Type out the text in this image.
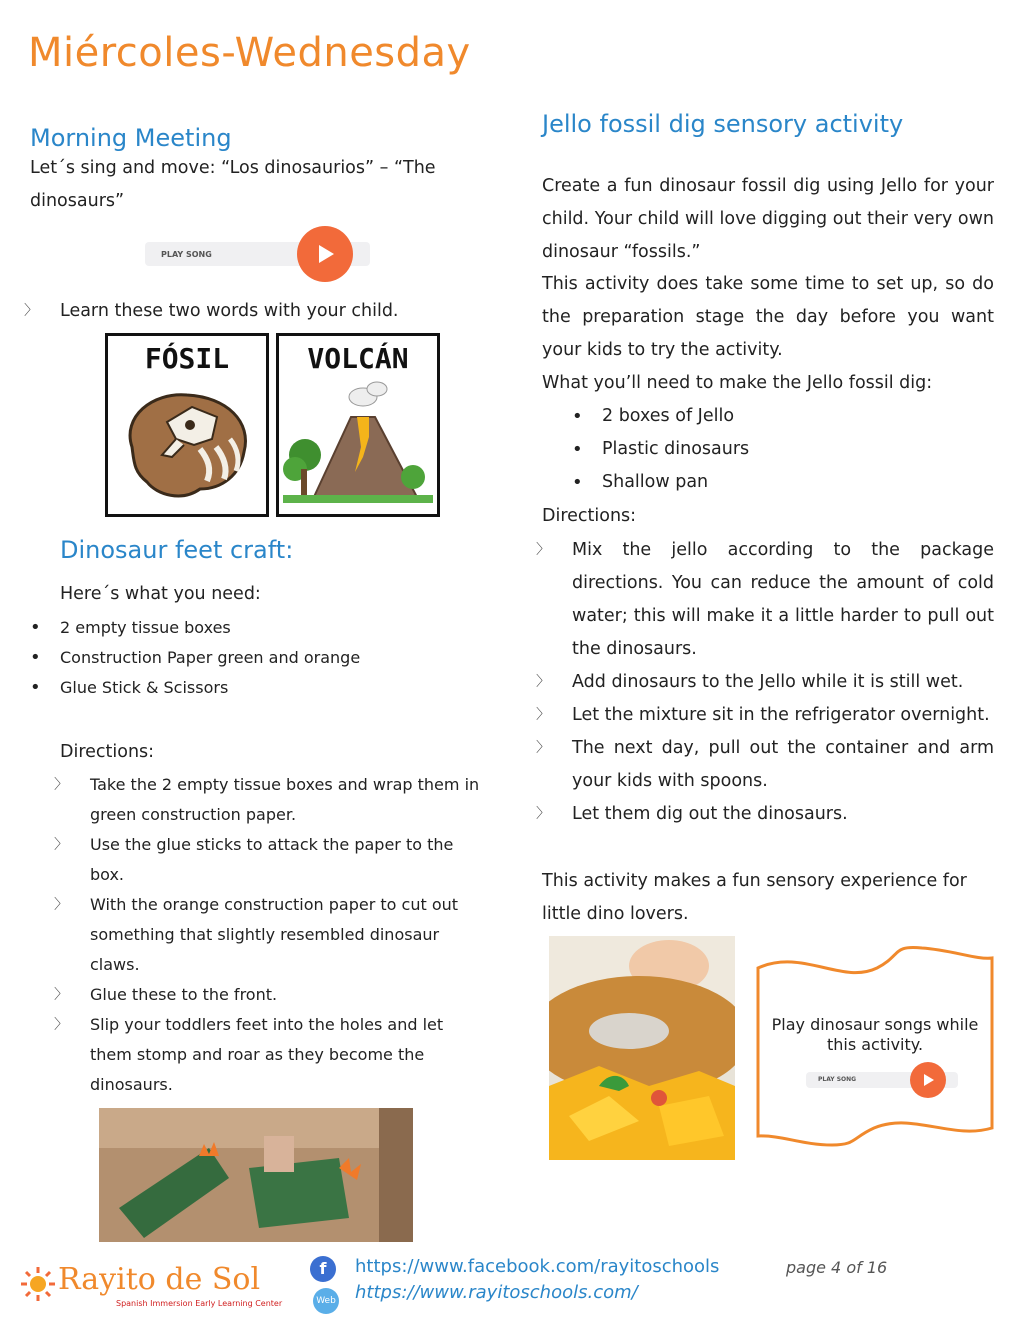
Miércoles-Wednesday
Morning Meeting
Let´s sing and move: “Los dinosaurios” – “The dinosaurs”
PLAY SONG
〉 Learn these two words with your child.
FÓSIL	VOLCÁN
Dinosaur feet craft:
Here´s what you need:
• 2 empty tissue boxes
• Construction Paper green and orange
• Glue Stick & Scissors
Directions:
〉 Take the 2 empty tissue boxes and wrap them in green construction paper.
〉 Use the glue sticks to attack the paper to the box.
〉 With the orange construction paper to cut out something that slightly resembled dinosaur claws.
〉 Glue these to the front.
〉 Slip your toddlers feet into the holes and let them stomp and roar as they become the dinosaurs.
Jello fossil dig sensory activity
Create a fun dinosaur fossil dig using Jello for your child. Your child will love digging out their very own dinosaur “fossils.”
This activity does take some time to set up, so do the preparation stage the day before you want your kids to try the activity.
What you’ll need to make the Jello fossil dig:
• 2 boxes of Jello
• Plastic dinosaurs
• Shallow pan
Directions:
〉 Mix the jello according to the package directions. You can reduce the amount of cold water; this will make it a little harder to pull out the dinosaurs.
〉 Add dinosaurs to the Jello while it is still wet.
〉 Let the mixture sit in the refrigerator overnight.
〉 The next day, pull out the container and arm your kids with spoons.
〉 Let them dig out the dinosaurs.
This activity makes a fun sensory experience for little dino lovers.
Play dinosaur songs while this activity.
PLAY SONG
Rayito de Sol
Spanish Immersion Early Learning Center
f	https://www.facebook.com/rayitoschools
Web https://www.rayitoschools.com/
page 4 of 16
